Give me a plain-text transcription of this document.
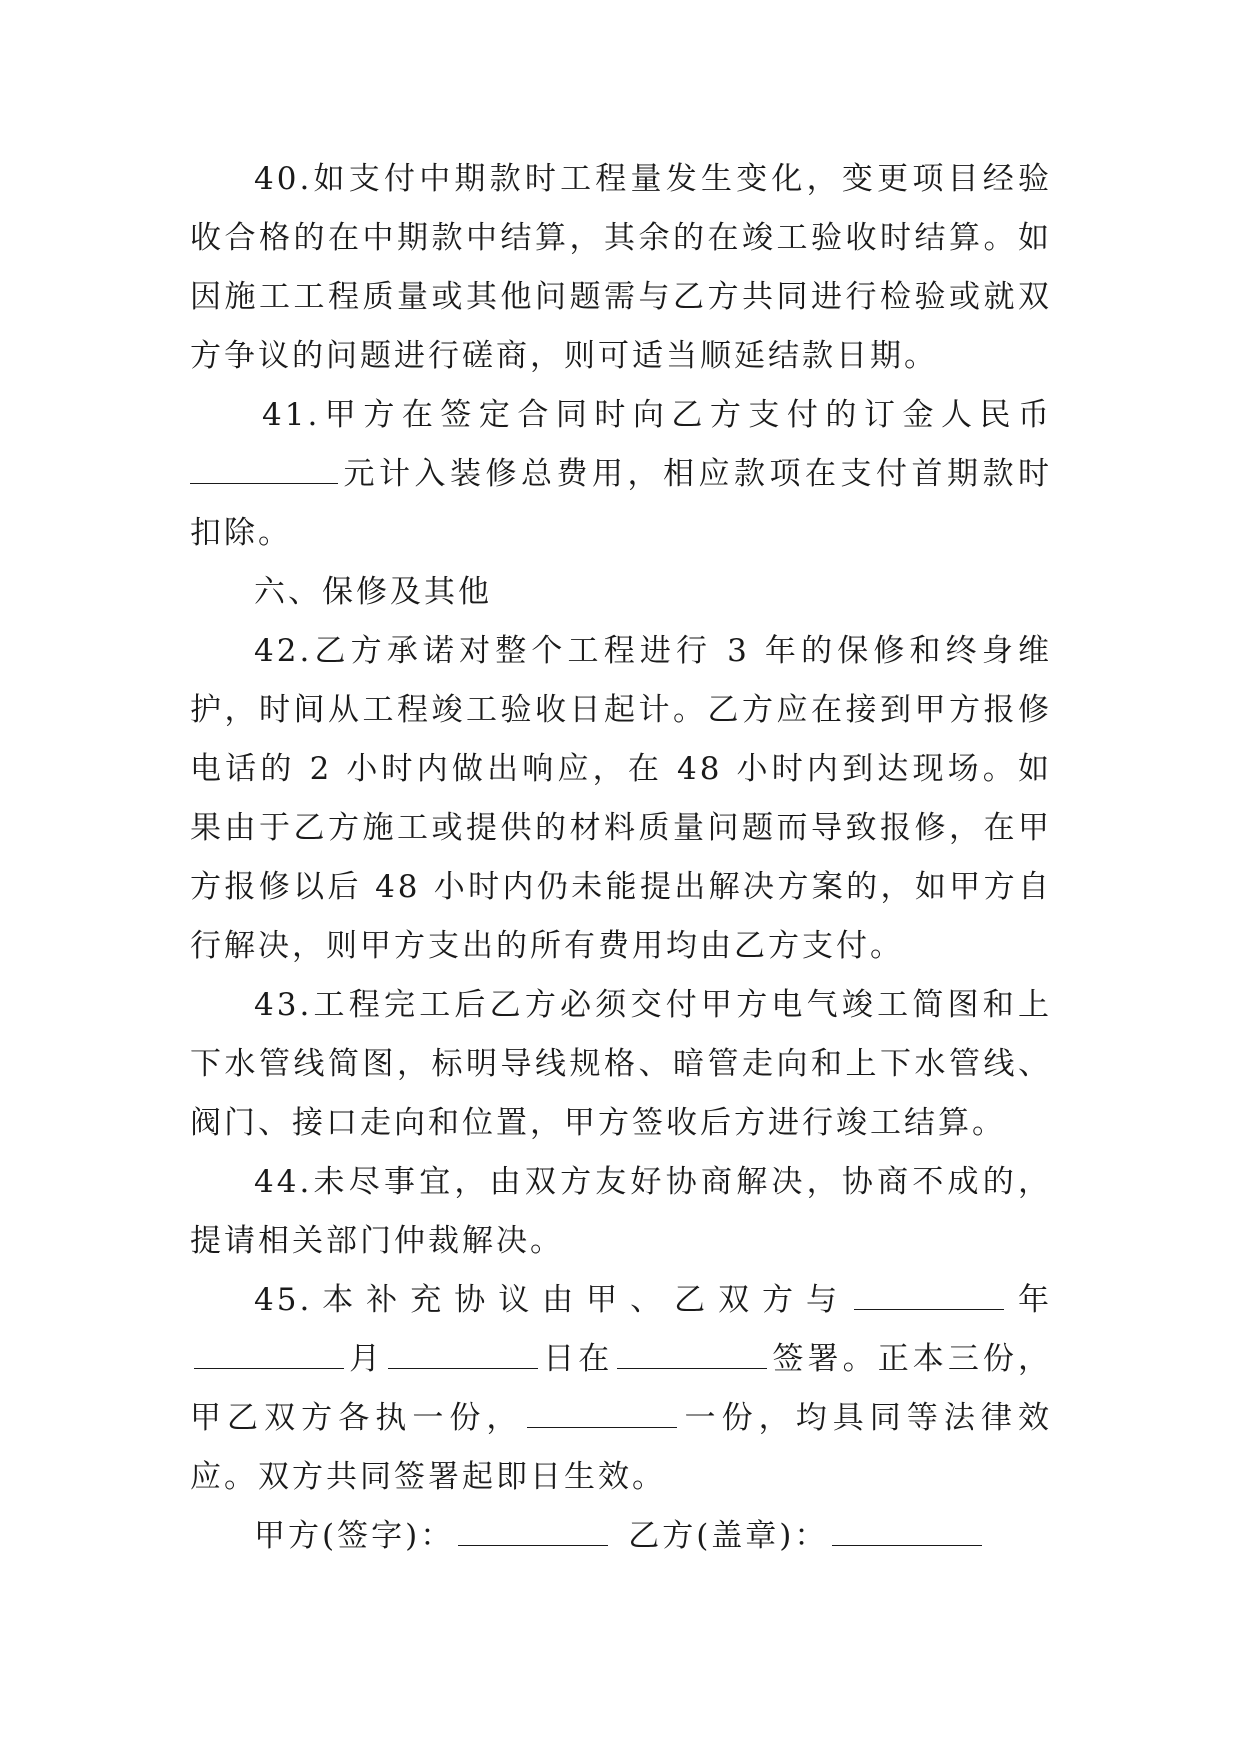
40.如支付中期款时工程量发生变化，变更项目经验收合格的在中期款中结算，其余的在竣工验收时结算。如因施工工程质量或其他问题需与乙方共同进行检验或就双方争议的问题进行磋商，则可适当顺延结款日期。

41.甲方在签定合同时向乙方支付的订金人民币元计入装修总费用，相应款项在支付首期款时扣除。

六、保修及其他

42.乙方承诺对整个工程进行 3 年的保修和终身维护，时间从工程竣工验收日起计。乙方应在接到甲方报修电话的 2 小时内做出响应，在 48 小时内到达现场。如果由于乙方施工或提供的材料质量问题而导致报修，在甲方报修以后 48 小时内仍未能提出解决方案的，如甲方自行解决，则甲方支出的所有费用均由乙方支付。

43.工程完工后乙方必须交付甲方电气竣工简图和上下水管线简图，标明导线规格、暗管走向和上下水管线、阀门、接口走向和位置，甲方签收后方进行竣工结算。

44.未尽事宜，由双方友好协商解决，协商不成的，提请相关部门仲裁解决。

45.本补充协议由甲、乙双方与	年月	日在	签署。正本三份，甲乙双方各执一份，	一份，均具同等法律效应。双方共同签署起即日生效。

甲方(签字)：	乙方(盖章)：
